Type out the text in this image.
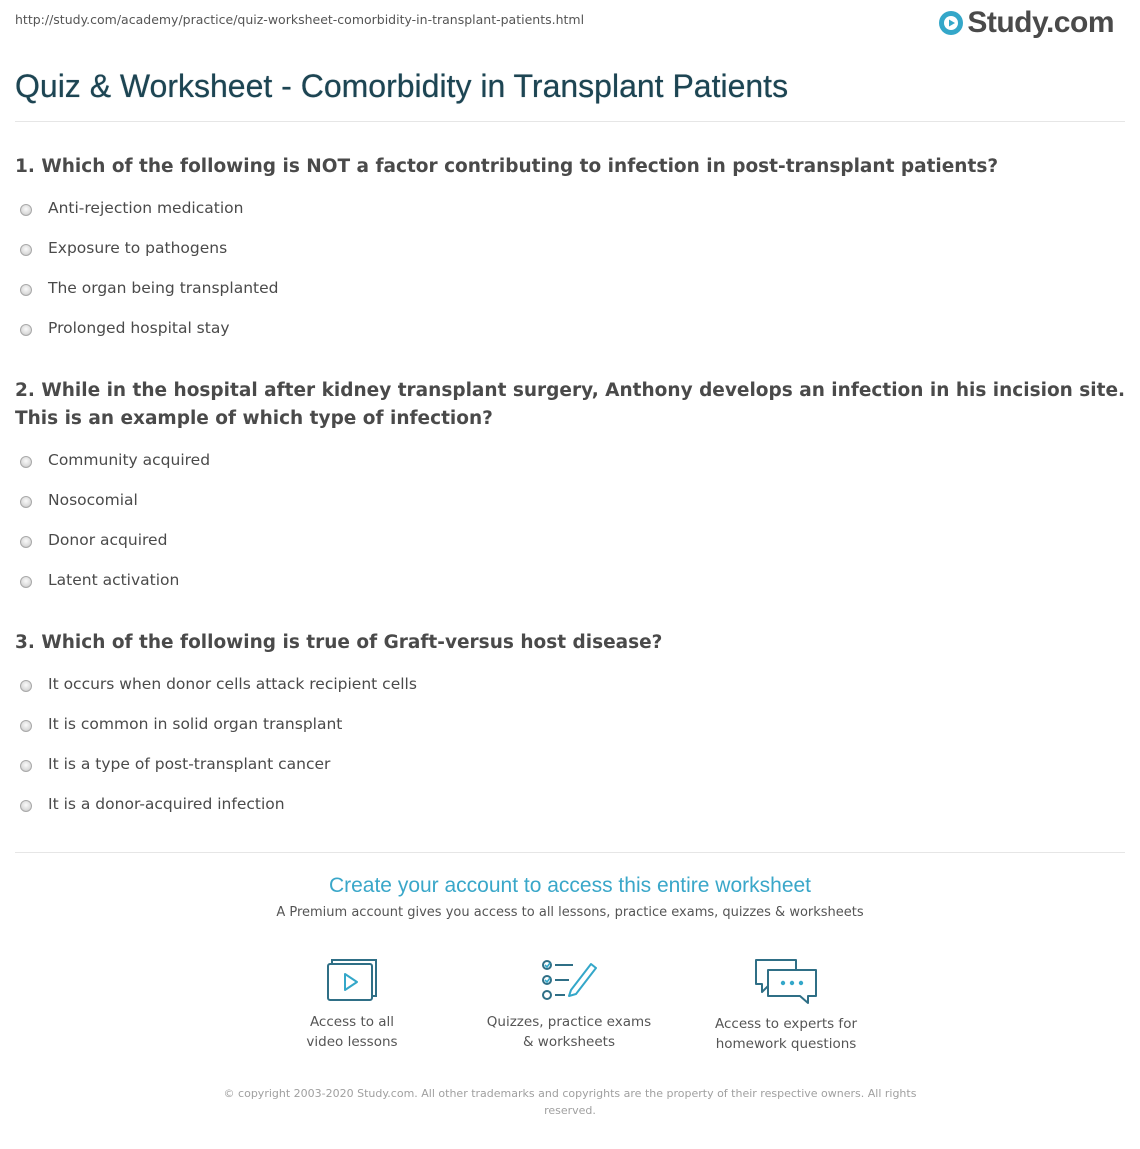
http://study.com/academy/practice/quiz-worksheet-comorbidity-in-transplant-patients.html	Study.com
Quiz & Worksheet - Comorbidity in Transplant Patients

1. Which of the following is NOT a factor contributing to infection in post-transplant patients?

Anti-rejection medication
Exposure to pathogens
The organ being transplanted
Prolonged hospital stay

2. While in the hospital after kidney transplant surgery, Anthony develops an infection in his incision site. This is an example of which type of infection?

Community acquired
Nosocomial
Donor acquired
Latent activation

3. Which of the following is true of Graft-versus host disease?

It occurs when donor cells attack recipient cells
It is common in solid organ transplant
It is a type of post-transplant cancer
It is a donor-acquired infection
Create your account to access this entire worksheet
A Premium account gives you access to all lessons, practice exams, quizzes & worksheets
Access to all
video lessons
Quizzes, practice exams
& worksheets
Access to experts for
homework questions
© copyright 2003-2020 Study.com. All other trademarks and copyrights are the property of their respective owners. All rights reserved.
